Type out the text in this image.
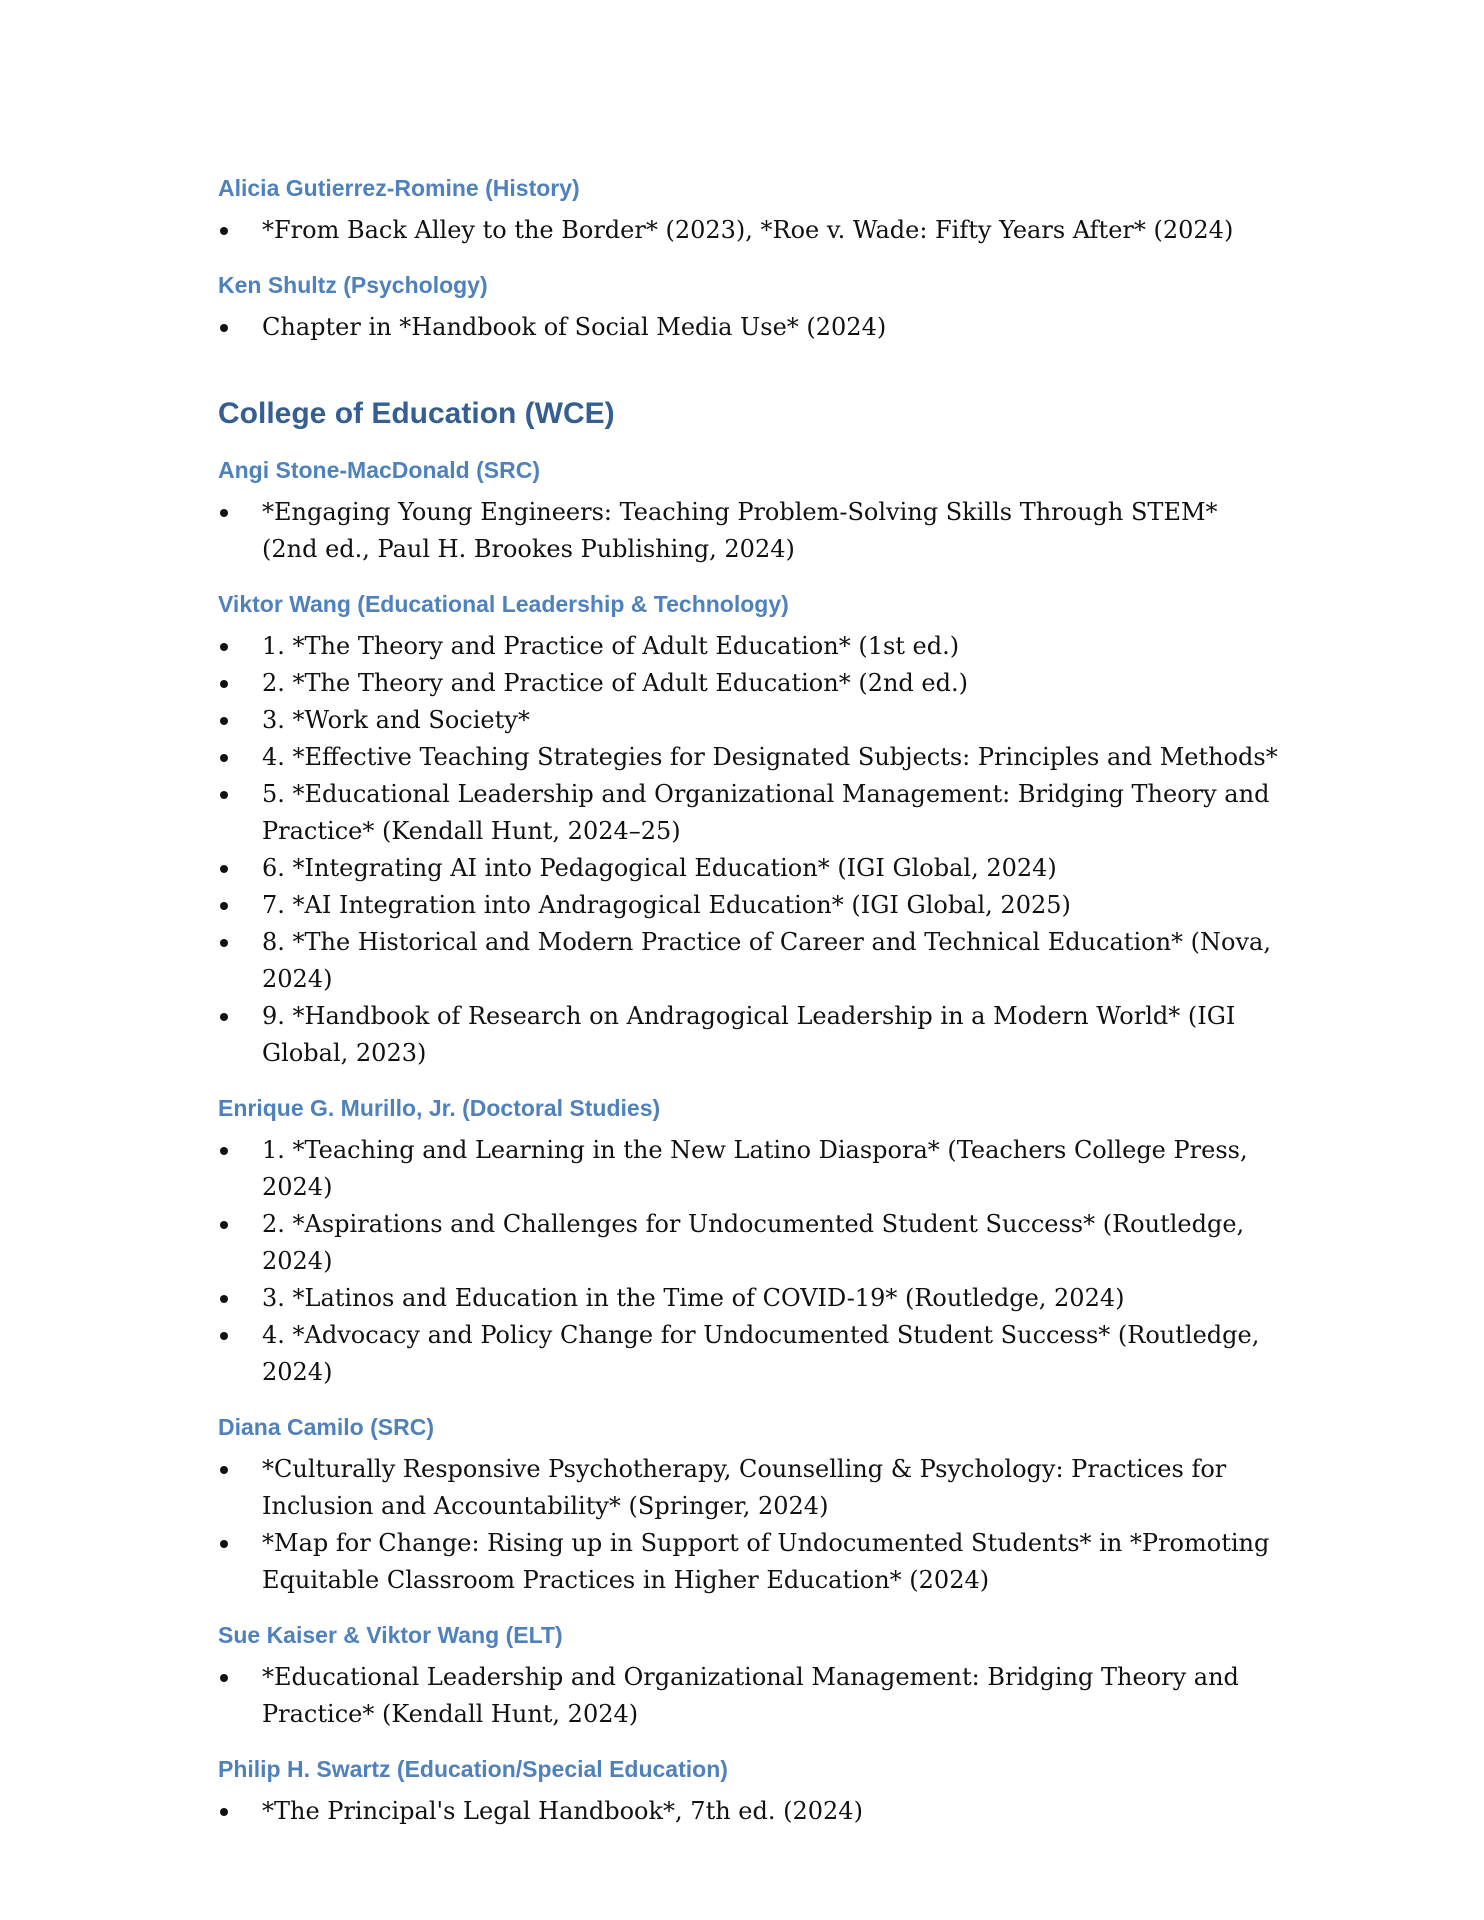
Alicia Gutierrez-Romine (History)
*From Back Alley to the Border* (2023), *Roe v. Wade: Fifty Years After* (2024)
Ken Shultz (Psychology)
Chapter in *Handbook of Social Media Use* (2024)
College of Education (WCE)
Angi Stone-MacDonald (SRC)
*Engaging Young Engineers: Teaching Problem-Solving Skills Through STEM* (2nd ed., Paul H. Brookes Publishing, 2024)
Viktor Wang (Educational Leadership & Technology)
1. *The Theory and Practice of Adult Education* (1st ed.)
2. *The Theory and Practice of Adult Education* (2nd ed.)
3. *Work and Society*
4. *Effective Teaching Strategies for Designated Subjects: Principles and Methods*
5. *Educational Leadership and Organizational Management: Bridging Theory and Practice* (Kendall Hunt, 2024–25)
6. *Integrating AI into Pedagogical Education* (IGI Global, 2024)
7. *AI Integration into Andragogical Education* (IGI Global, 2025)
8. *The Historical and Modern Practice of Career and Technical Education* (Nova, 2024)
9. *Handbook of Research on Andragogical Leadership in a Modern World* (IGI Global, 2023)
Enrique G. Murillo, Jr. (Doctoral Studies)
1. *Teaching and Learning in the New Latino Diaspora* (Teachers College Press, 2024)
2. *Aspirations and Challenges for Undocumented Student Success* (Routledge, 2024)
3. *Latinos and Education in the Time of COVID-19* (Routledge, 2024)
4. *Advocacy and Policy Change for Undocumented Student Success* (Routledge, 2024)
Diana Camilo (SRC)
*Culturally Responsive Psychotherapy, Counselling & Psychology: Practices for Inclusion and Accountability* (Springer, 2024)
*Map for Change: Rising up in Support of Undocumented Students* in *Promoting Equitable Classroom Practices in Higher Education* (2024)
Sue Kaiser & Viktor Wang (ELT)
*Educational Leadership and Organizational Management: Bridging Theory and Practice* (Kendall Hunt, 2024)
Philip H. Swartz (Education/Special Education)
*The Principal's Legal Handbook*, 7th ed. (2024)
